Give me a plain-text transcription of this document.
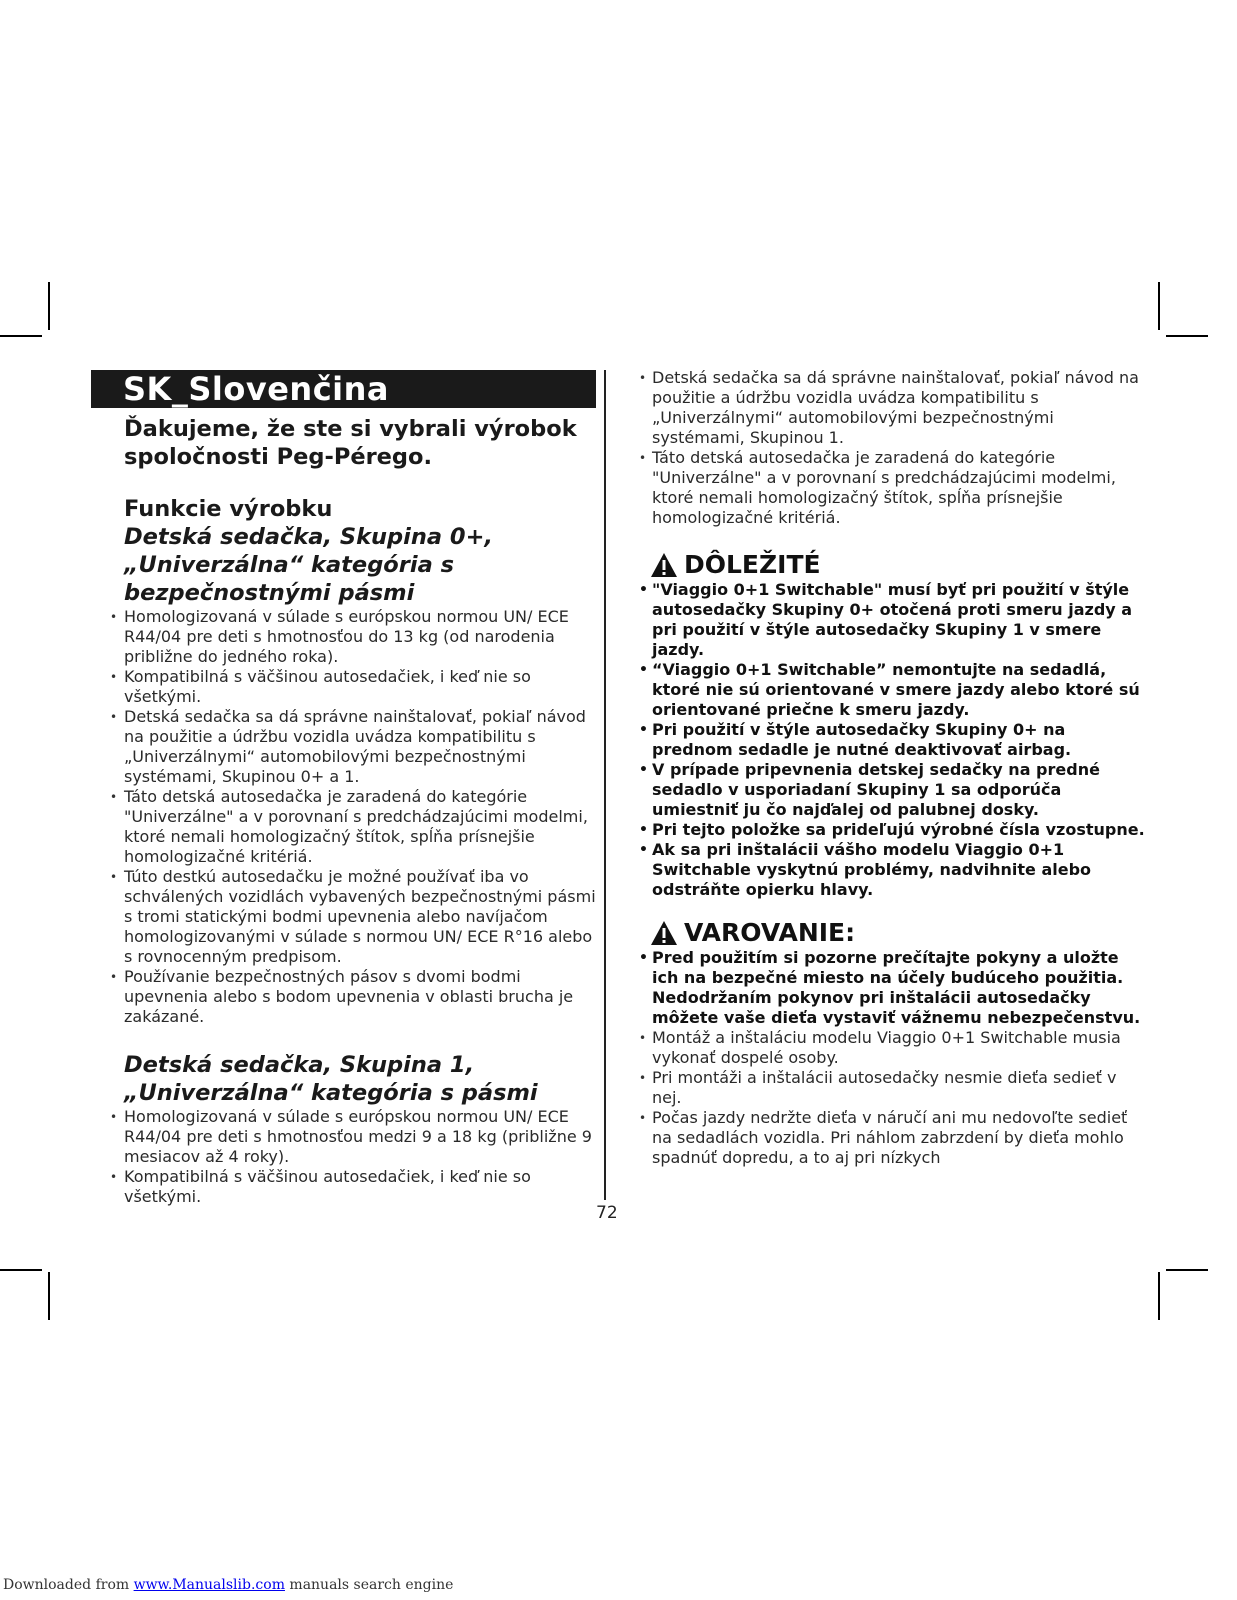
SK_Slovenčina
Ďakujeme, že ste si vybrali výrobok spoločnosti Peg-Pérego.
Funkcie výrobku
Detská sedačka, Skupina 0+, „Univerzálna“ kategória s bezpečnostnými pásmi
• Homologizovaná v súlade s európskou normou UN/ ECE R44/04 pre deti s hmotnosťou do 13 kg (od narodenia približne do jedného roka).
• Kompatibilná s väčšinou autosedačiek, i keď nie so všetkými.
• Detská sedačka sa dá správne nainštalovať, pokiaľ návod na použitie a údržbu vozidla uvádza kompatibilitu s „Univerzálnymi“ automobilovými bezpečnostnými systémami, Skupinou 0+ a 1.
• Táto detská autosedačka je zaradená do kategórie "Univerzálne" a v porovnaní s predchádzajúcimi modelmi, ktoré nemali homologizačný štítok, spĺňa prísnejšie homologizačné kritériá.
• Túto destkú autosedačku je možné používať iba vo schválených vozidlách vybavených bezpečnostnými pásmi s tromi statickými bodmi upevnenia alebo navíjačom homologizovanými v súlade s normou UN/ ECE R°16 alebo s rovnocenným predpisom.
• Používanie bezpečnostných pásov s dvomi bodmi upevnenia alebo s bodom upevnenia v oblasti brucha je zakázané.
Detská sedačka, Skupina 1, „Univerzálna“ kategória s pásmi
• Homologizovaná v súlade s európskou normou UN/ ECE R44/04 pre deti s hmotnosťou medzi 9 a 18 kg (približne 9 mesiacov až 4 roky).
• Kompatibilná s väčšinou autosedačiek, i keď nie so všetkými.
• Detská sedačka sa dá správne nainštalovať, pokiaľ návod na použitie a údržbu vozidla uvádza kompatibilitu s „Univerzálnymi“ automobilovými bezpečnostnými systémami, Skupinou 1.
• Táto detská autosedačka je zaradená do kategórie "Univerzálne" a v porovnaní s predchádzajúcimi modelmi, ktoré nemali homologizačný štítok, spĺňa prísnejšie homologizačné kritériá.
DÔLEŽITÉ
• "Viaggio 0+1 Switchable" musí byť pri použití v štýle autosedačky Skupiny 0+ otočená proti smeru jazdy a pri použití v štýle autosedačky Skupiny 1 v smere jazdy.
• “Viaggio 0+1 Switchable” nemontujte na sedadlá, ktoré nie sú orientované v smere jazdy alebo ktoré sú orientované priečne k smeru jazdy.
• Pri použití v štýle autosedačky Skupiny 0+ na prednom sedadle je nutné deaktivovať airbag.
• V prípade pripevnenia detskej sedačky na predné sedadlo v usporiadaní Skupiny 1 sa odporúča umiestniť ju čo najďalej od palubnej dosky.
• Pri tejto položke sa prideľujú výrobné čísla vzostupne.
• Ak sa pri inštalácii vášho modelu Viaggio 0+1 Switchable vyskytnú problémy, nadvihnite alebo odstráňte opierku hlavy.
VAROVANIE:
• Pred použitím si pozorne prečítajte pokyny a uložte ich na bezpečné miesto na účely budúceho použitia. Nedodržaním pokynov pri inštalácii autosedačky môžete vaše dieťa vystaviť vážnemu nebezpečenstvu.
• Montáž a inštaláciu modelu Viaggio 0+1 Switchable musia vykonať dospelé osoby.
• Pri montáži a inštalácii autosedačky nesmie dieťa sedieť v nej.
• Počas jazdy nedržte dieťa v náručí ani mu nedovoľte sedieť na sedadlách vozidla. Pri náhlom zabrzdení by dieťa mohlo spadnúť dopredu, a to aj pri nízkych
72
Downloaded from www.Manualslib.com manuals search engine
